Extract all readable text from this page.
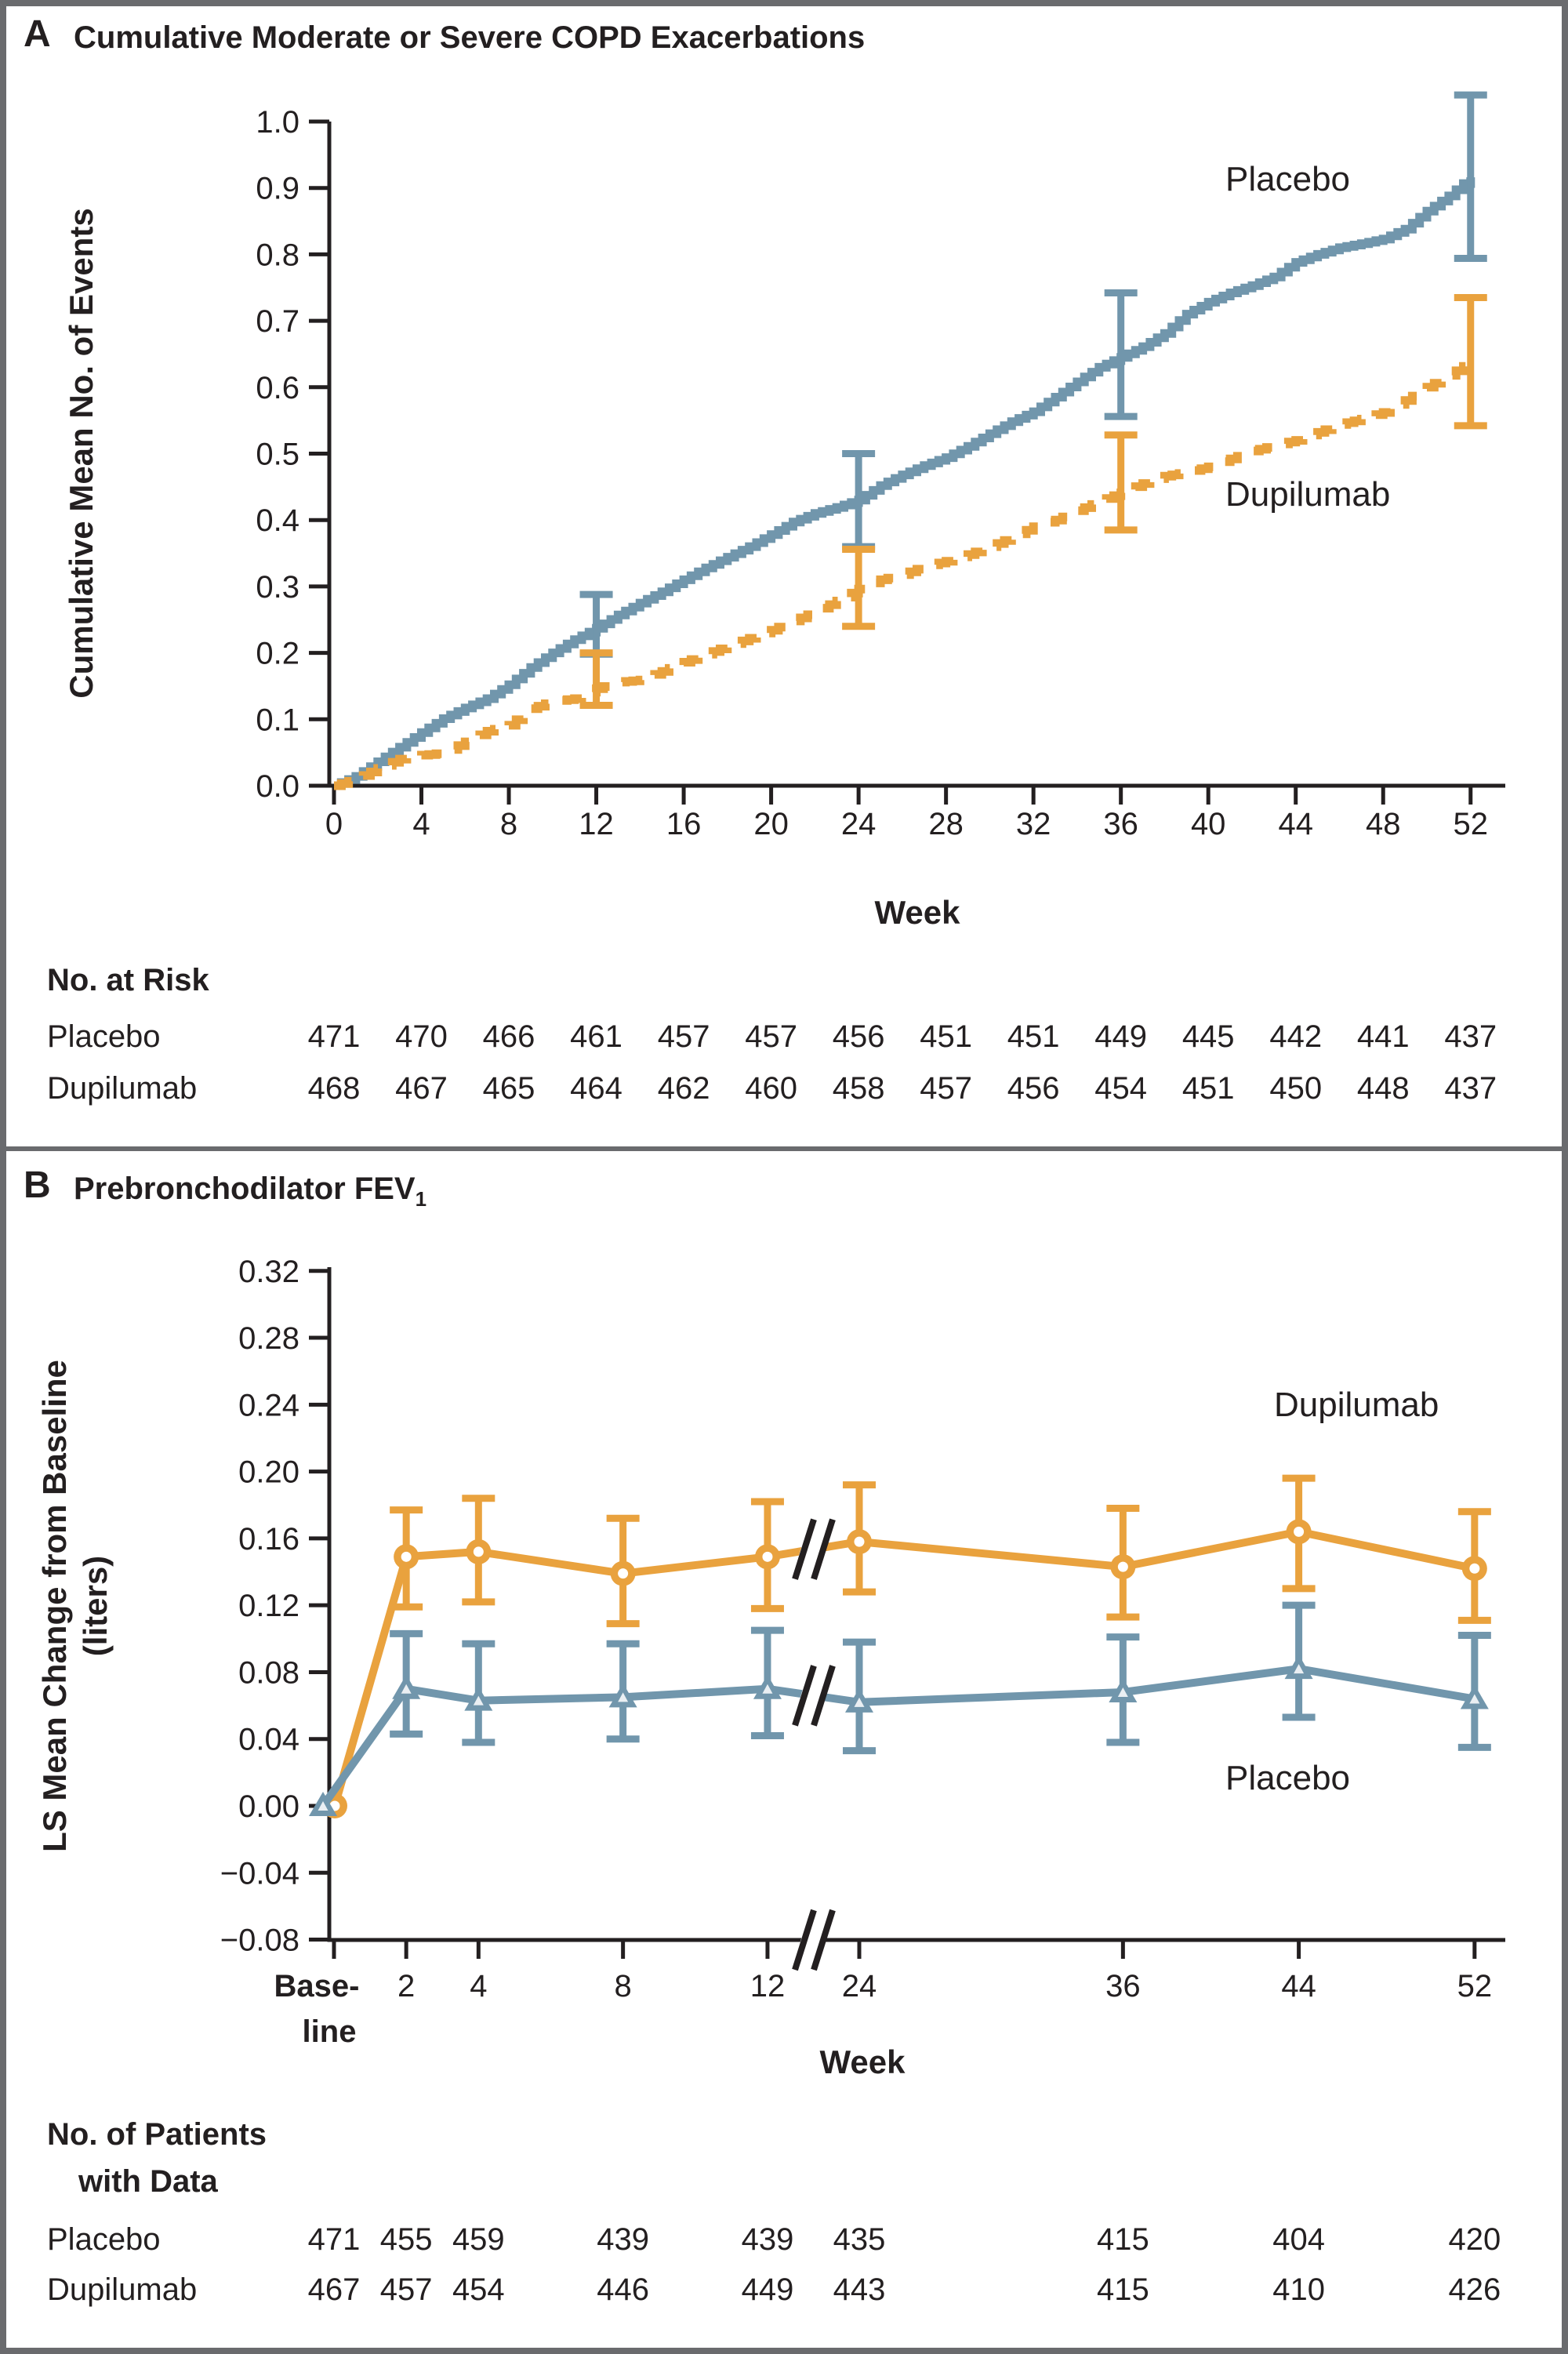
1.0
0.9
0.8
0.7
0.6
0.5
0.4
0.3
0.2
0.1
0.0
0 4 8 12 16 20 24 28 32 36 40 44 48 52
Placebo
Dupilumab
0.32
0.28
0.24
0.20
0.16
0.12
0.08
0.04
0.00
−0.04
−0.08
Base-
line
2 4	8	12 24	36	44	52
Dupilumab
Placebo
A Cumulative Moderate or Severe COPD Exacerbations
Cumulative Mean No. of Events
Week
No. at Risk
Placebo
Dupilumab
B Prebronchodilator $FEV_1$
LS Mean Change from Baseline (liters)
Week
No. of Patients
with Data
Placebo
Dupilumab
471	470	466	461	457	457	456	451	451	449	445	442	441	437
468	467	465	464	462	460	458	457	456	454	451	450	448	437
471 455 459	439	439	435	415	404	420
467 457 454	446	449	443	415	410	426
